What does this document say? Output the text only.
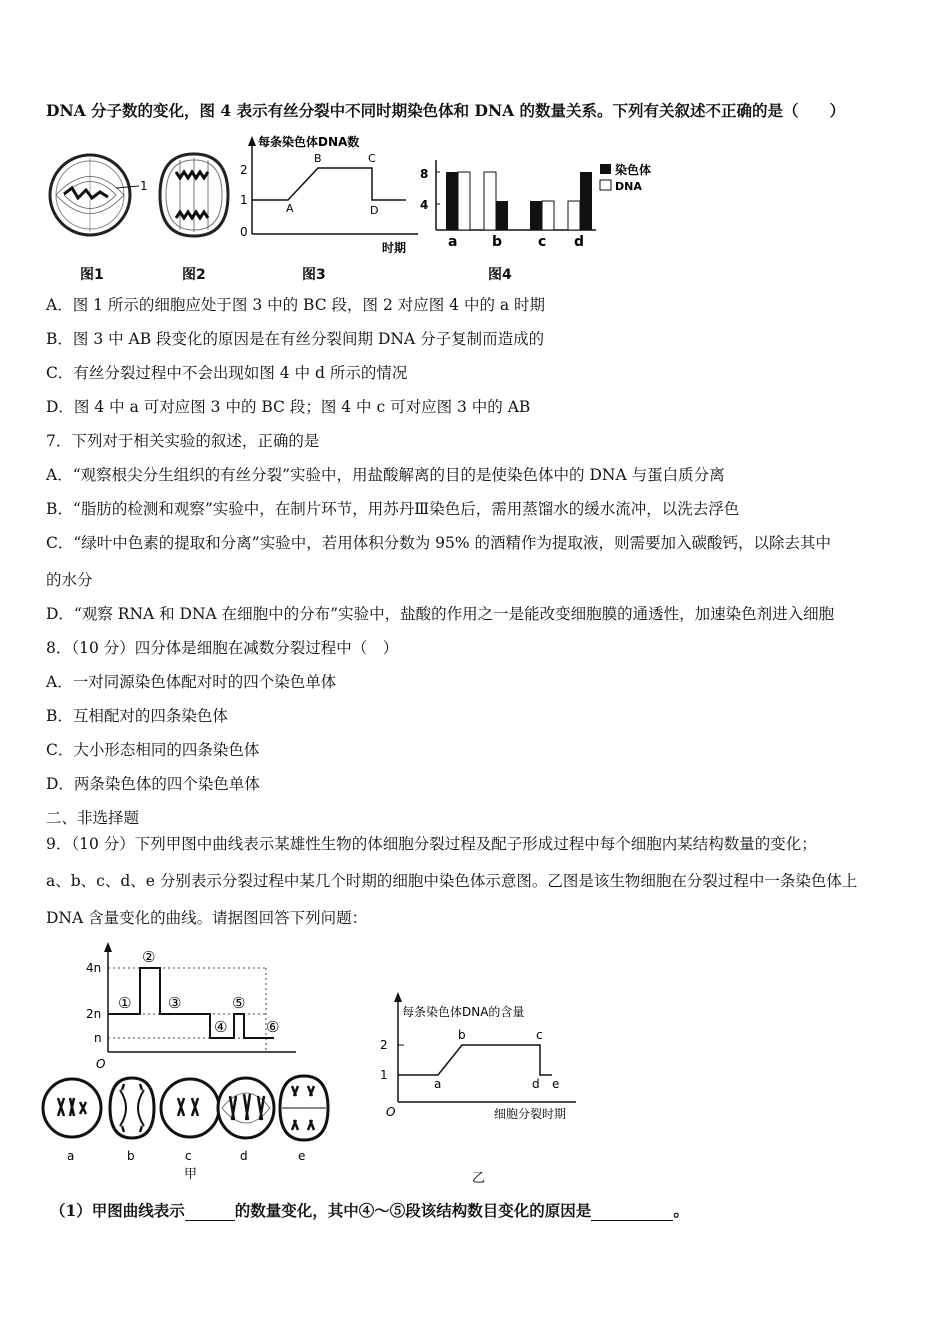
DNA 分子数的变化，图 4 表示有丝分裂中不同时期染色体和 DNA 的数量关系。下列有关叙述不正确的是（　　）
1
图1	图2
每条染色体DNA数
2
1
0
A
B	C
D
时期
图3
8
4
a b	c d
染色体
DNA
图4
A．图 1 所示的细胞应处于图 3 中的 BC 段，图 2 对应图 4 中的 a 时期
B．图 3 中 AB 段变化的原因是在有丝分裂间期 DNA 分子复制而造成的
C．有丝分裂过程中不会出现如图 4 中 d 所示的情况
D．图 4 中 a 可对应图 3 中的 BC 段；图 4 中 c 可对应图 3 中的 AB
7．下列对于相关实验的叙述，正确的是
A．“观察根尖分生组织的有丝分裂”实验中，用盐酸解离的目的是使染色体中的 DNA 与蛋白质分离
B．“脂肪的检测和观察”实验中，在制片环节，用苏丹Ⅲ染色后，需用蒸馏水的缓水流冲，以洗去浮色
C．“绿叶中色素的提取和分离”实验中，若用体积分数为 95% 的酒精作为提取液，则需要加入碳酸钙，以除去其中
的水分
D．“观察 RNA 和 DNA 在细胞中的分布”实验中，盐酸的作用之一是能改变细胞膜的通透性，加速染色剂进入细胞
8．（10 分）四分体是细胞在减数分裂过程中（　）
A．一对同源染色体配对时的四个染色单体
B．互相配对的四条染色体
C．大小形态相同的四条染色体
D．两条染色体的四个染色单体
二、非选择题
9．（10 分）下列甲图中曲线表示某雄性生物的体细胞分裂过程及配子形成过程中每个细胞内某结构数量的变化；
a、b、c、d、e 分别表示分裂过程中某几个时期的细胞中染色体示意图。乙图是该生物细胞在分裂过程中一条染色体上
DNA 含量变化的曲线。请据图回答下列问题：
4n
2n
n
O
①
②
③
④
⑤
⑥
a	b	c	d	e
甲
每条染色体DNA的含量
2
1
O
a
b	c
d e
细胞分裂时期
乙
（1）甲图曲线表示	的数量变化，其中④～⑤段该结构数目变化的原因是	。
